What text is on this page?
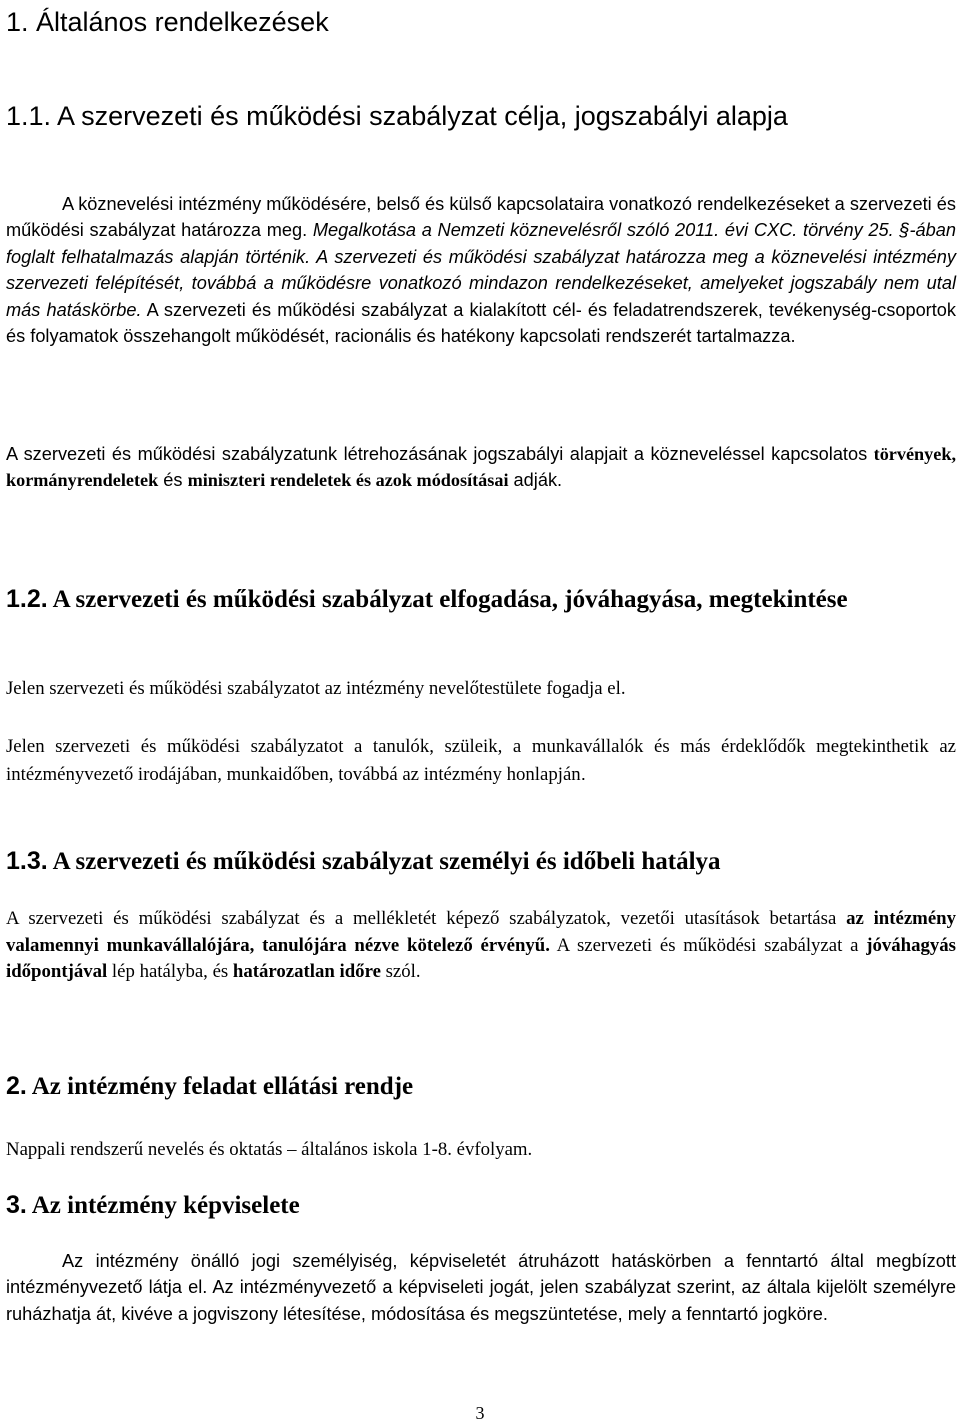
1. Általános rendelkezések
1.1. A szervezeti és működési szabályzat célja, jogszabályi alapja

A köznevelési intézmény működésére, belső és külső kapcsolataira vonatkozó rendelkezéseket a szervezeti és működési szabályzat határozza meg. Megalkotása a Nemzeti köznevelésről szóló 2011. évi CXC. törvény 25. §-ában foglalt felhatalmazás alapján történik. A szervezeti és működési szabályzat határozza meg a köznevelési intézmény szervezeti felépítését, továbbá a működésre vonatkozó mindazon rendelkezéseket, amelyeket jogszabály nem utal más hatáskörbe. A szervezeti és működési szabályzat a kialakított cél- és feladatrendszerek, tevékenység-csoportok és folyamatok összehangolt működését, racionális és hatékony kapcsolati rendszerét tartalmazza.

A szervezeti és működési szabályzatunk létrehozásának jogszabályi alapjait a közneveléssel kapcsolatos törvények, kormányrendeletek és miniszteri rendeletek és azok módosításai adják.

1.2. A szervezeti és működési szabályzat elfogadása, jóváhagyása, megtekintése

Jelen szervezeti és működési szabályzatot az intézmény nevelőtestülete fogadja el.

Jelen szervezeti és működési szabályzatot a tanulók, szüleik, a munkavállalók és más érdeklődők megtekinthetik az intézményvezető irodájában, munkaidőben, továbbá az intézmény honlapján.

1.3. A szervezeti és működési szabályzat személyi és időbeli hatálya

A szervezeti és működési szabályzat és a mellékletét képező szabályzatok, vezetői utasítások betartása az intézmény valamennyi munkavállalójára, tanulójára nézve kötelező érvényű. A szervezeti és működési szabályzat a jóváhagyás időpontjával lép hatályba, és határozatlan időre szól.

2. Az intézmény feladat ellátási rendje

Nappali rendszerű nevelés és oktatás – általános iskola 1-8. évfolyam.

3. Az intézmény képviselete

Az intézmény önálló jogi személyiség, képviseletét átruházott hatáskörben a fenntartó által megbízott intézményvezető látja el. Az intézményvezető a képviseleti jogát, jelen szabályzat szerint, az általa kijelölt személyre ruházhatja át, kivéve a jogviszony létesítése, módosítása és megszüntetése, mely a fenntartó jogköre.

3
